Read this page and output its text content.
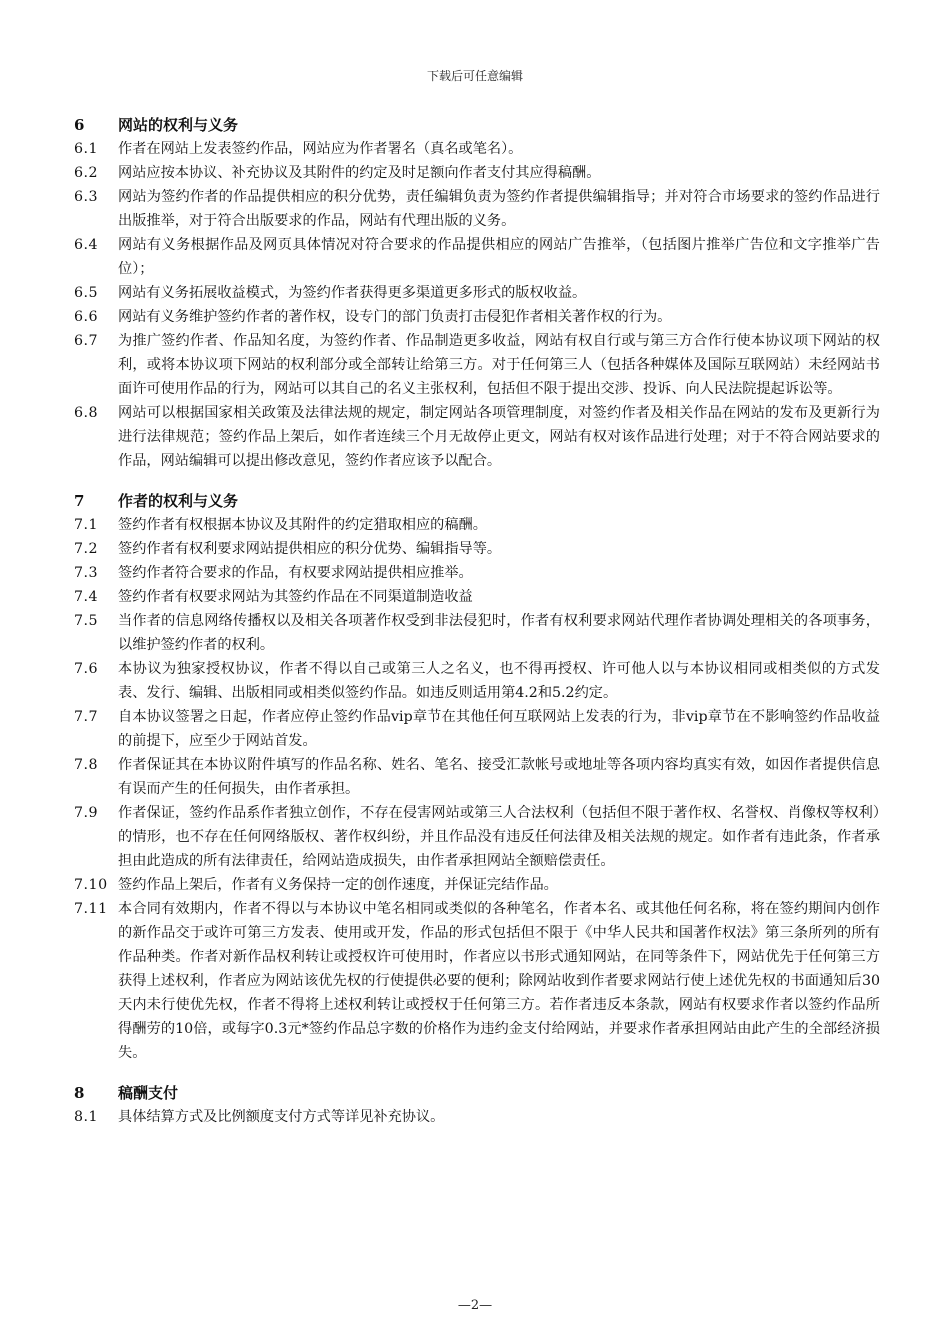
下载后可任意编辑
6	网站的权利与义务
6.1	作者在网站上发表签约作品，网站应为作者署名（真名或笔名）。
6.2	网站应按本协议、补充协议及其附件的约定及时足额向作者支付其应得稿酬。
6.3	网站为签约作者的作品提供相应的积分优势，责任编辑负责为签约作者提供编辑指导；并对符合市场要求的签约作品进行出版推举，对于符合出版要求的作品，网站有代理出版的义务。
6.4	网站有义务根据作品及网页具体情况对符合要求的作品提供相应的网站广告推举，（包括图片推举广告位和文字推举广告位）；
6.5	网站有义务拓展收益模式，为签约作者获得更多渠道更多形式的版权收益。
6.6	网站有义务维护签约作者的著作权，设专门的部门负责打击侵犯作者相关著作权的行为。
6.7	为推广签约作者、作品知名度，为签约作者、作品制造更多收益，网站有权自行或与第三方合作行使本协议项下网站的权利，或将本协议项下网站的权利部分或全部转让给第三方。对于任何第三人（包括各种媒体及国际互联网站）未经网站书面许可使用作品的行为，网站可以其自己的名义主张权利，包括但不限于提出交涉、投诉、向人民法院提起诉讼等。
6.8	网站可以根据国家相关政策及法律法规的规定，制定网站各项管理制度，对签约作者及相关作品在网站的发布及更新行为进行法律规范；签约作品上架后，如作者连续三个月无故停止更文，网站有权对该作品进行处理；对于不符合网站要求的作品，网站编辑可以提出修改意见，签约作者应该予以配合。
7	作者的权利与义务
7.1	签约作者有权根据本协议及其附件的约定猎取相应的稿酬。
7.2	签约作者有权利要求网站提供相应的积分优势、编辑指导等。
7.3	签约作者符合要求的作品，有权要求网站提供相应推举。
7.4	签约作者有权要求网站为其签约作品在不同渠道制造收益
7.5	当作者的信息网络传播权以及相关各项著作权受到非法侵犯时，作者有权利要求网站代理作者协调处理相关的各项事务，以维护签约作者的权利。
7.6	本协议为独家授权协议，作者不得以自己或第三人之名义，也不得再授权、许可他人以与本协议相同或相类似的方式发表、发行、编辑、出版相同或相类似签约作品。如违反则适用第4.2和5.2约定。
7.7	自本协议签署之日起，作者应停止签约作品vip章节在其他任何互联网站上发表的行为，非vip章节在不影响签约作品收益的前提下，应至少于网站首发。
7.8	作者保证其在本协议附件填写的作品名称、姓名、笔名、接受汇款帐号或地址等各项内容均真实有效，如因作者提供信息有误而产生的任何损失，由作者承担。
7.9	作者保证，签约作品系作者独立创作，不存在侵害网站或第三人合法权利（包括但不限于著作权、名誉权、肖像权等权利）的情形，也不存在任何网络版权、著作权纠纷，并且作品没有违反任何法律及相关法规的规定。如作者有违此条，作者承担由此造成的所有法律责任，给网站造成损失，由作者承担网站全额赔偿责任。
7.10 签约作品上架后，作者有义务保持一定的创作速度，并保证完结作品。
7.11 本合同有效期内，作者不得以与本协议中笔名相同或类似的各种笔名，作者本名、或其他任何名称，将在签约期间内创作的新作品交于或许可第三方发表、使用或开发，作品的形式包括但不限于《中华人民共和国著作权法》第三条所列的所有作品种类。作者对新作品权利转让或授权许可使用时，作者应以书形式通知网站，在同等条件下，网站优先于任何第三方获得上述权利，作者应为网站该优先权的行使提供必要的便利；除网站收到作者要求网站行使上述优先权的书面通知后30天内未行使优先权，作者不得将上述权利转让或授权于任何第三方。若作者违反本条款，网站有权要求作者以签约作品所得酬劳的10倍，或每字0.3元*签约作品总字数的价格作为违约金支付给网站，并要求作者承担网站由此产生的全部经济损失。
8	稿酬支付
8.1	具体结算方式及比例额度支付方式等详见补充协议。
—2—
